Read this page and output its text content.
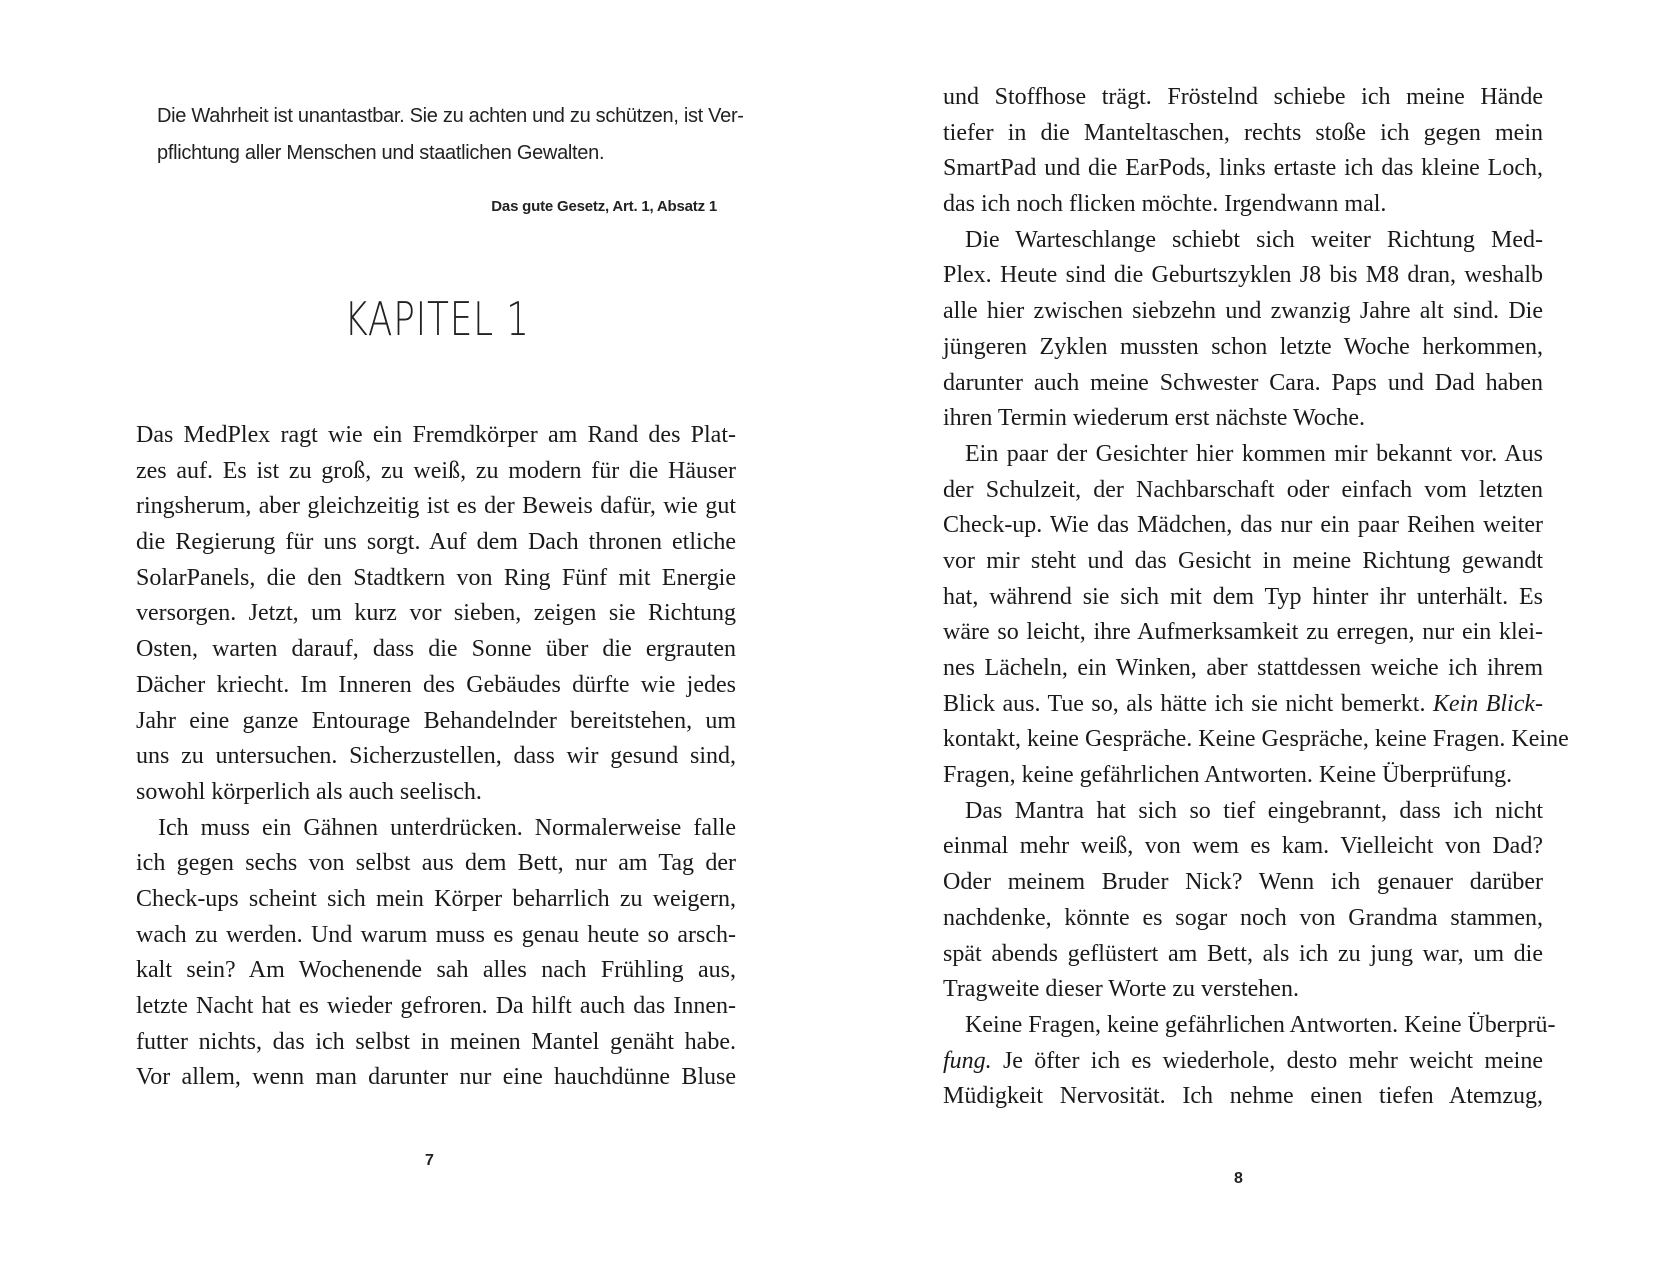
Die Wahrheit ist unantastbar. Sie zu achten und zu schützen, ist Ver-
pflichtung aller Menschen und staatlichen Gewalten.
Das gute Gesetz, Art. 1, Absatz 1
KAPITEL 1
Das MedPlex ragt wie ein Fremdkörper am Rand des Plat-
zes auf. Es ist zu groß, zu weiß, zu modern für die Häuser
ringsherum, aber gleichzeitig ist es der Beweis dafür, wie gut
die Regierung für uns sorgt. Auf dem Dach thronen etliche
SolarPanels, die den Stadtkern von Ring Fünf mit Energie
versorgen. Jetzt, um kurz vor sieben, zeigen sie Richtung
Osten, warten darauf, dass die Sonne über die ergrauten
Dächer kriecht. Im Inneren des Gebäudes dürfte wie jedes
Jahr eine ganze Entourage Behandelnder bereitstehen, um
uns zu untersuchen. Sicherzustellen, dass wir gesund sind,
sowohl körperlich als auch seelisch.
Ich muss ein Gähnen unterdrücken. Normalerweise falle
ich gegen sechs von selbst aus dem Bett, nur am Tag der
Check-ups scheint sich mein Körper beharrlich zu weigern,
wach zu werden. Und warum muss es genau heute so arsch-
kalt sein? Am Wochenende sah alles nach Frühling aus,
letzte Nacht hat es wieder gefroren. Da hilft auch das Innen-
futter nichts, das ich selbst in meinen Mantel genäht habe.
Vor allem, wenn man darunter nur eine hauchdünne Bluse
7
und Stoffhose trägt. Fröstelnd schiebe ich meine Hände
tiefer in die Manteltaschen, rechts stoße ich gegen mein
SmartPad und die EarPods, links ertaste ich das kleine Loch,
das ich noch flicken möchte. Irgendwann mal.
Die Warteschlange schiebt sich weiter Richtung Med-
Plex. Heute sind die Geburtszyklen J8 bis M8 dran, weshalb
alle hier zwischen siebzehn und zwanzig Jahre alt sind. Die
jüngeren Zyklen mussten schon letzte Woche herkommen,
darunter auch meine Schwester Cara. Paps und Dad haben
ihren Termin wiederum erst nächste Woche.
Ein paar der Gesichter hier kommen mir bekannt vor. Aus
der Schulzeit, der Nachbarschaft oder einfach vom letzten
Check-up. Wie das Mädchen, das nur ein paar Reihen weiter
vor mir steht und das Gesicht in meine Richtung gewandt
hat, während sie sich mit dem Typ hinter ihr unterhält. Es
wäre so leicht, ihre Aufmerksamkeit zu erregen, nur ein klei-
nes Lächeln, ein Winken, aber stattdessen weiche ich ihrem
Blick aus. Tue so, als hätte ich sie nicht bemerkt. Kein Blick-
kontakt, keine Gespräche. Keine Gespräche, keine Fragen. Keine
Fragen, keine gefährlichen Antworten. Keine Überprüfung.
Das Mantra hat sich so tief eingebrannt, dass ich nicht
einmal mehr weiß, von wem es kam. Vielleicht von Dad?
Oder meinem Bruder Nick? Wenn ich genauer darüber
nachdenke, könnte es sogar noch von Grandma stammen,
spät abends geflüstert am Bett, als ich zu jung war, um die
Tragweite dieser Worte zu verstehen.
Keine Fragen, keine gefährlichen Antworten. Keine Überprü-
fung. Je öfter ich es wiederhole, desto mehr weicht meine
Müdigkeit Nervosität. Ich nehme einen tiefen Atemzug,
8
